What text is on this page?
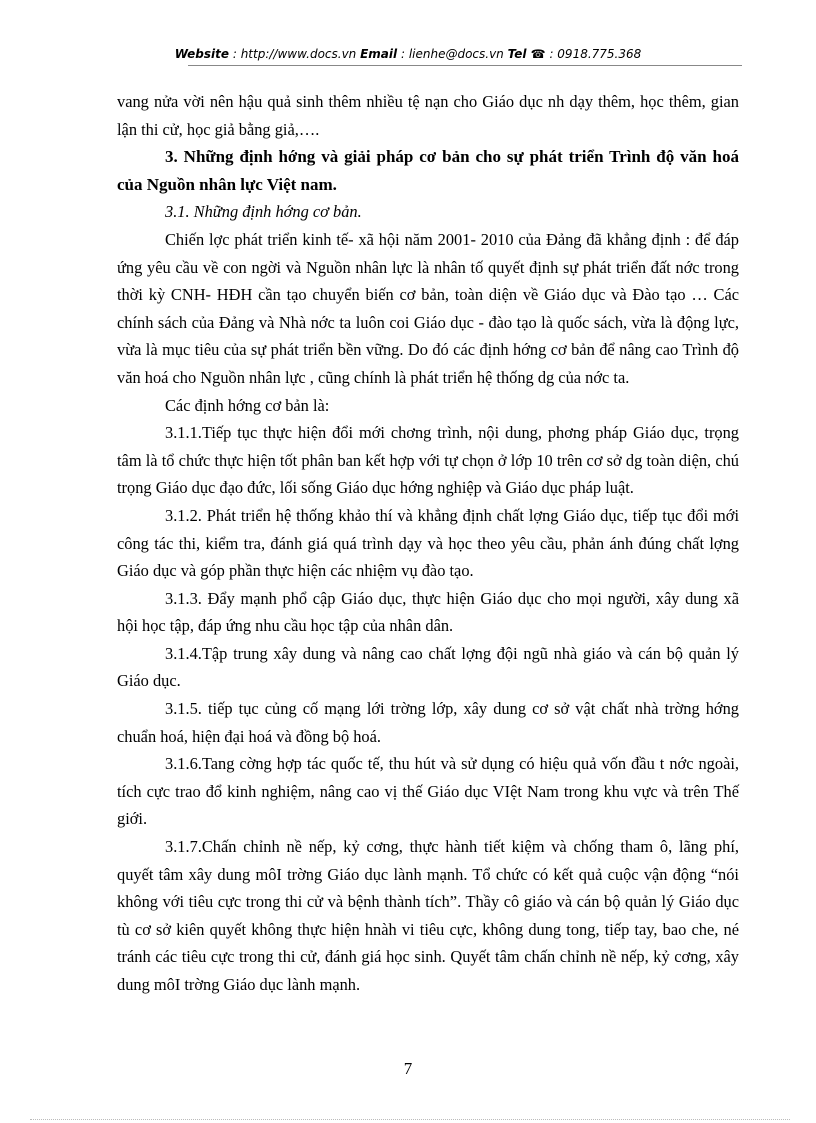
Website : http://www.docs.vn Email : lienhe@docs.vn Tel ☎ : 0918.775.368

vang nửa vời nên hậu quả sinh thêm nhiều tệ nạn cho Giáo dục nh dạy thêm, học thêm, gian lận thi cử, học giả bằng giả,….

3. Những định hớng và giải pháp cơ bản cho sự phát triển Trình độ văn hoá của Nguồn nhân lực Việt nam.

3.1. Những định hớng cơ bản.

Chiến lợc phát triển kinh tế- xã hội năm 2001- 2010 của Đảng đã khẳng định : để đáp ứng yêu cầu về con ngời và Nguồn nhân lực là nhân tố quyết định sự phát triển đất nớc trong thời kỳ CNH- HĐH cần tạo chuyển biến cơ bản, toàn diện về Giáo dục và Đào tạo … Các chính sách của Đảng và Nhà nớc ta luôn coi Giáo dục - đào tạo là quốc sách, vừa là động lực, vừa là mục tiêu của sự phát triển bền vững. Do đó các định hớng cơ bản để nâng cao Trình độ văn hoá cho Nguồn nhân lực , cũng chính là phát triển hệ thống dg của nớc ta.

Các định hớng cơ bản là:

3.1.1.Tiếp tục thực hiện đổi mới chơng trình, nội dung, phơng pháp Giáo dục, trọng tâm là tổ chức thực hiện tốt phân ban kết hợp với tự chọn ở lớp 10 trên cơ sở dg toàn diện, chú trọng Giáo dục đạo đức, lối sống Giáo dục hớng nghiệp và Giáo dục pháp luật.

3.1.2. Phát triển hệ thống khảo thí và khẳng định chất lợng Giáo dục, tiếp tục đổi mới công tác thi, kiểm tra, đánh giá quá trình dạy và học theo yêu cầu, phản ánh đúng chất lợng Giáo dục và góp phần thực hiện các nhiệm vụ đào tạo.

3.1.3. Đẩy mạnh phổ cập Giáo dục, thực hiện Giáo dục cho mọi người, xây dung xã hội học tập, đáp ứng nhu cầu học tập của nhân dân.

3.1.4.Tập trung xây dung và nâng cao chất lợng đội ngũ nhà giáo và cán bộ quản lý Giáo dục.

3.1.5. tiếp tục củng cố mạng lới trờng lớp, xây dung cơ sở vật chất nhà trờng hớng chuẩn hoá, hiện đại hoá và đồng bộ hoá.

3.1.6.Tang cờng hợp tác quốc tế, thu hút và sử dụng có hiệu quả vốn đầu t nớc ngoài, tích cực trao đổ kinh nghiệm, nâng cao vị thế Giáo dục VIệt Nam trong khu vực và trên Thế giới.

3.1.7.Chấn chỉnh nề nếp, kỷ cơng, thực hành tiết kiệm và chống tham ô, lãng phí, quyết tâm xây dung môI trờng Giáo dục lành mạnh. Tổ chức có kết quả cuộc vận động “nói không với tiêu cực trong thi cử và bệnh thành tích”. Thầy cô giáo và cán bộ quản lý Giáo dục tù cơ sở kiên quyết không thực hiện hnàh vi tiêu cực, không dung tong, tiếp tay, bao che, né tránh các tiêu cực trong thi cử, đánh giá học sinh. Quyết tâm chấn chỉnh nề nếp, kỷ cơng, xây dung môI trờng Giáo dục lành mạnh.

7
